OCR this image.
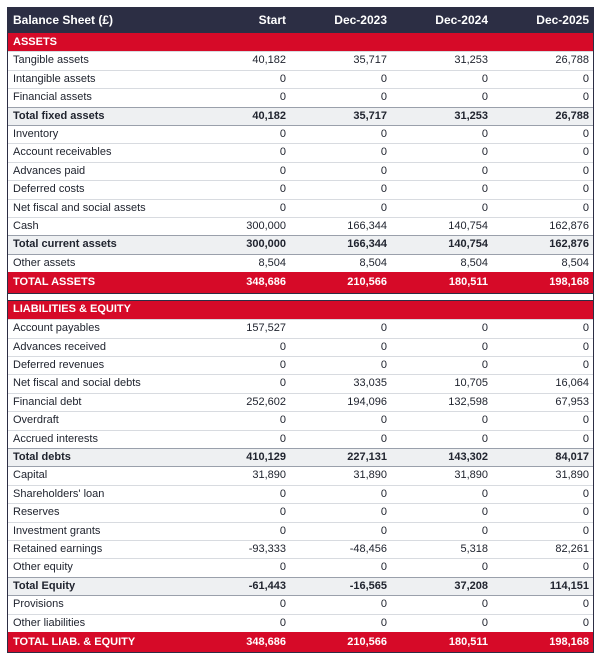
Balance Sheet (£)	Start	Dec-2023	Dec-2024	Dec-2025
ASSETS				
Tangible assets	40,182	35,717	31,253	26,788
Intangible assets	0	0	0	0
Financial assets	0	0	0	0
Total fixed assets	40,182	35,717	31,253	26,788
Inventory	0	0	0	0
Account receivables	0	0	0	0
Advances paid	0	0	0	0
Deferred costs	0	0	0	0
Net fiscal and social assets	0	0	0	0
Cash	300,000	166,344	140,754	162,876
Total current assets	300,000	166,344	140,754	162,876
Other assets	8,504	8,504	8,504	8,504
TOTAL ASSETS	348,686	210,566	180,511	198,168

LIABILITIES & EQUITY				
Account payables	157,527	0	0	0
Advances received	0	0	0	0
Deferred revenues	0	0	0	0
Net fiscal and social debts	0	33,035	10,705	16,064
Financial debt	252,602	194,096	132,598	67,953
Overdraft	0	0	0	0
Accrued interests	0	0	0	0
Total debts	410,129	227,131	143,302	84,017
Capital	31,890	31,890	31,890	31,890
Shareholders' loan	0	0	0	0
Reserves	0	0	0	0
Investment grants	0	0	0	0
Retained earnings	-93,333	-48,456	5,318	82,261
Other equity	0	0	0	0
Total Equity	-61,443	-16,565	37,208	114,151
Provisions	0	0	0	0
Other liabilities	0	0	0	0
TOTAL LIAB. & EQUITY	348,686	210,566	180,511	198,168
